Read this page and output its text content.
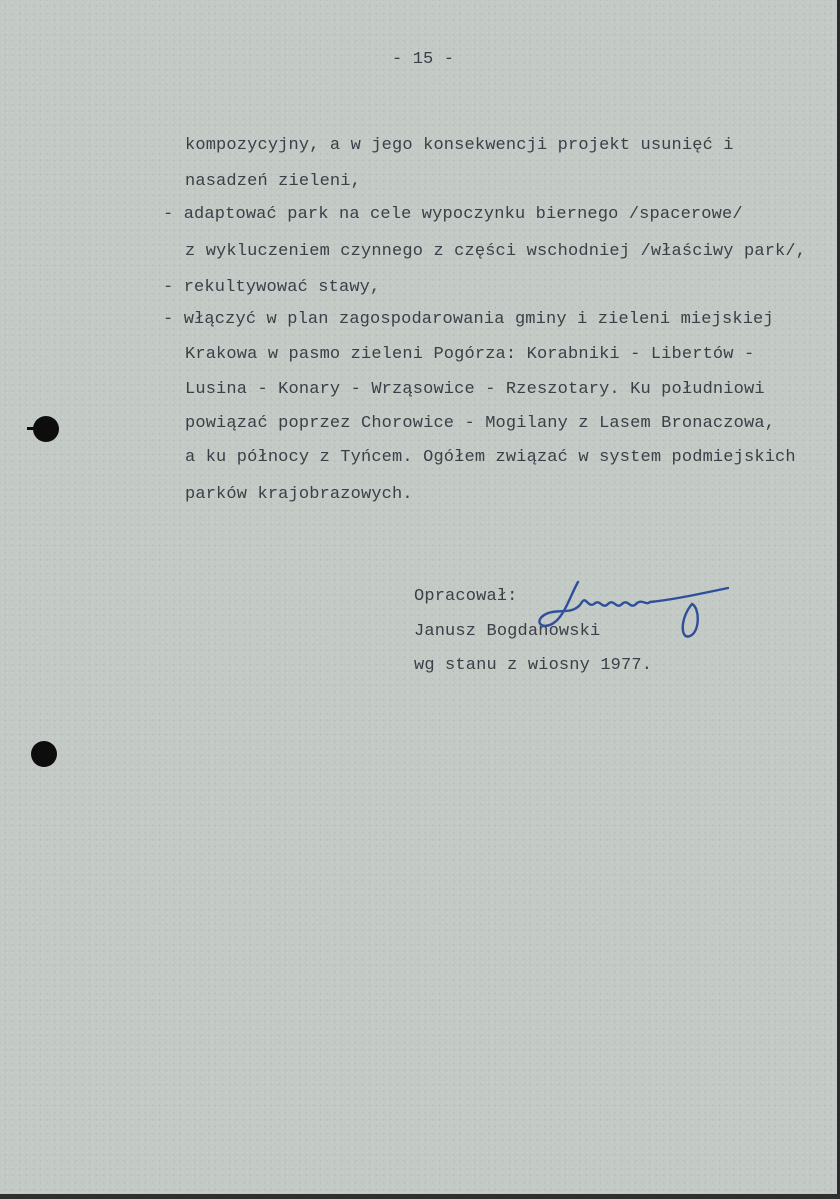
- 15 -
kompozycyjny, a w jego konsekwencji projekt usunięć i
nasadzeń zieleni,
- adaptować park na cele wypoczynku biernego /spacerowe/
z wykluczeniem czynnego z części wschodniej /właściwy park/,
- rekultywować stawy,
- włączyć w plan zagospodarowania gminy i zieleni miejskiej
Krakowa w pasmo zieleni Pogórza: Korabniki - Libertów -
Lusina - Konary - Wrząsowice - Rzeszotary. Ku południowi
powiązać poprzez Chorowice - Mogilany z Lasem Bronaczowa,
a ku północy z Tyńcem. Ogółem związać w system podmiejskich
parków krajobrazowych.
Opracował:
Janusz Bogdanowski
wg stanu z wiosny 1977.
